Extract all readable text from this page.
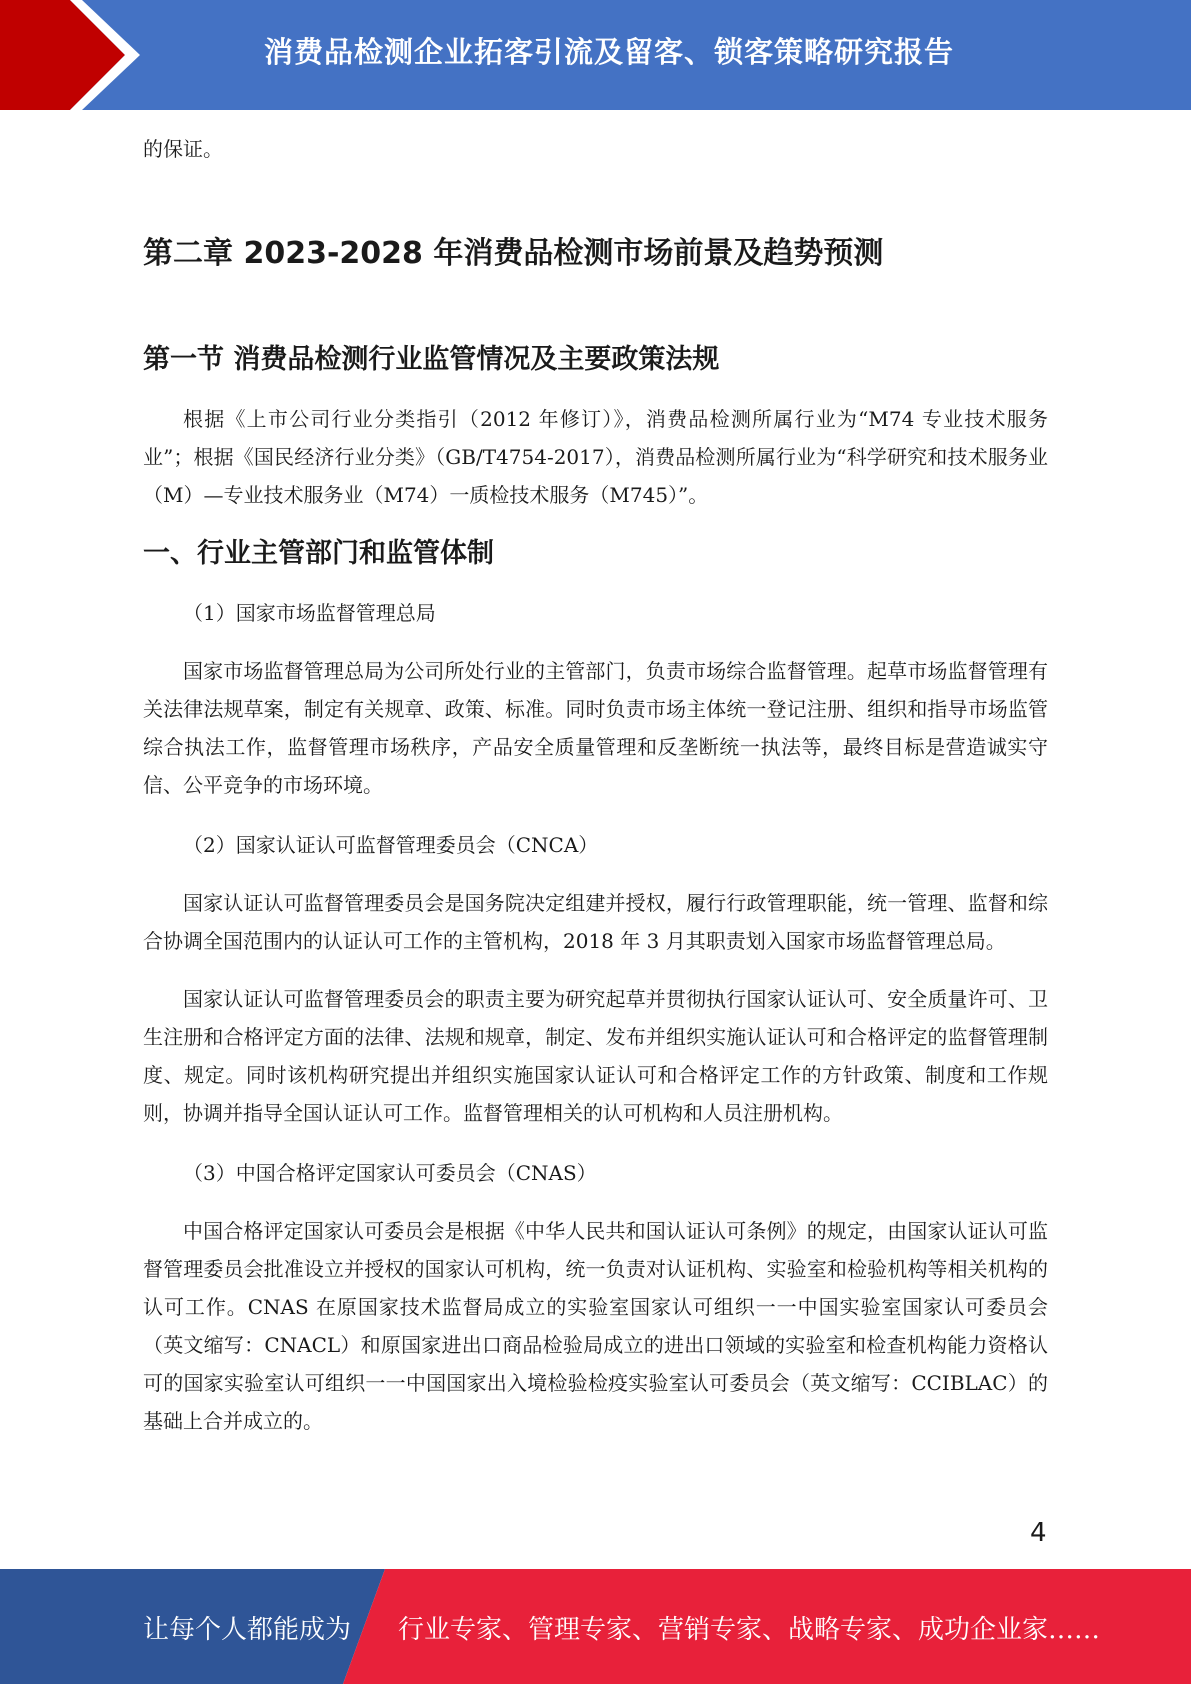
消费品检测企业拓客引流及留客、锁客策略研究报告

的保证。

第二章 2023-2028 年消费品检测市场前景及趋势预测
第一节 消费品检测行业监管情况及主要政策法规

根据《上市公司行业分类指引（2012 年修订）》，消费品检测所属行业为“M74 专业技术服务业”；根据《国民经济行业分类》（GB/T4754-2017），消费品检测所属行业为“科学研究和技术服务业（M）—专业技术服务业（M74）一质检技术服务（M745）”。

一、行业主管部门和监管体制

（1）国家市场监督管理总局

国家市场监督管理总局为公司所处行业的主管部门，负责市场综合监督管理。起草市场监督管理有关法律法规草案，制定有关规章、政策、标准。同时负责市场主体统一登记注册、组织和指导市场监管综合执法工作，监督管理市场秩序，产品安全质量管理和反垄断统一执法等，最终目标是营造诚实守信、公平竞争的市场环境。

（2）国家认证认可监督管理委员会（CNCA）

国家认证认可监督管理委员会是国务院决定组建并授权，履行行政管理职能，统一管理、监督和综合协调全国范围内的认证认可工作的主管机构，2018 年 3 月其职责划入国家市场监督管理总局。

国家认证认可监督管理委员会的职责主要为研究起草并贯彻执行国家认证认可、安全质量许可、卫生注册和合格评定方面的法律、法规和规章，制定、发布并组织实施认证认可和合格评定的监督管理制度、规定。同时该机构研究提出并组织实施国家认证认可和合格评定工作的方针政策、制度和工作规则，协调并指导全国认证认可工作。监督管理相关的认可机构和人员注册机构。

（3）中国合格评定国家认可委员会（CNAS）

中国合格评定国家认可委员会是根据《中华人民共和国认证认可条例》的规定，由国家认证认可监督管理委员会批准设立并授权的国家认可机构，统一负责对认证机构、实验室和检验机构等相关机构的认可工作。CNAS 在原国家技术监督局成立的实验室国家认可组织一一中国实验室国家认可委员会（英文缩写：CNACL）和原国家进出口商品检验局成立的进出口领域的实验室和检查机构能力资格认可的国家实验室认可组织一一中国国家出入境检验检疫实验室认可委员会（英文缩写：CCIBLAC）的基础上合并成立的。

4
让每个人都能成为 行业专家、管理专家、营销专家、战略专家、成功企业家……
